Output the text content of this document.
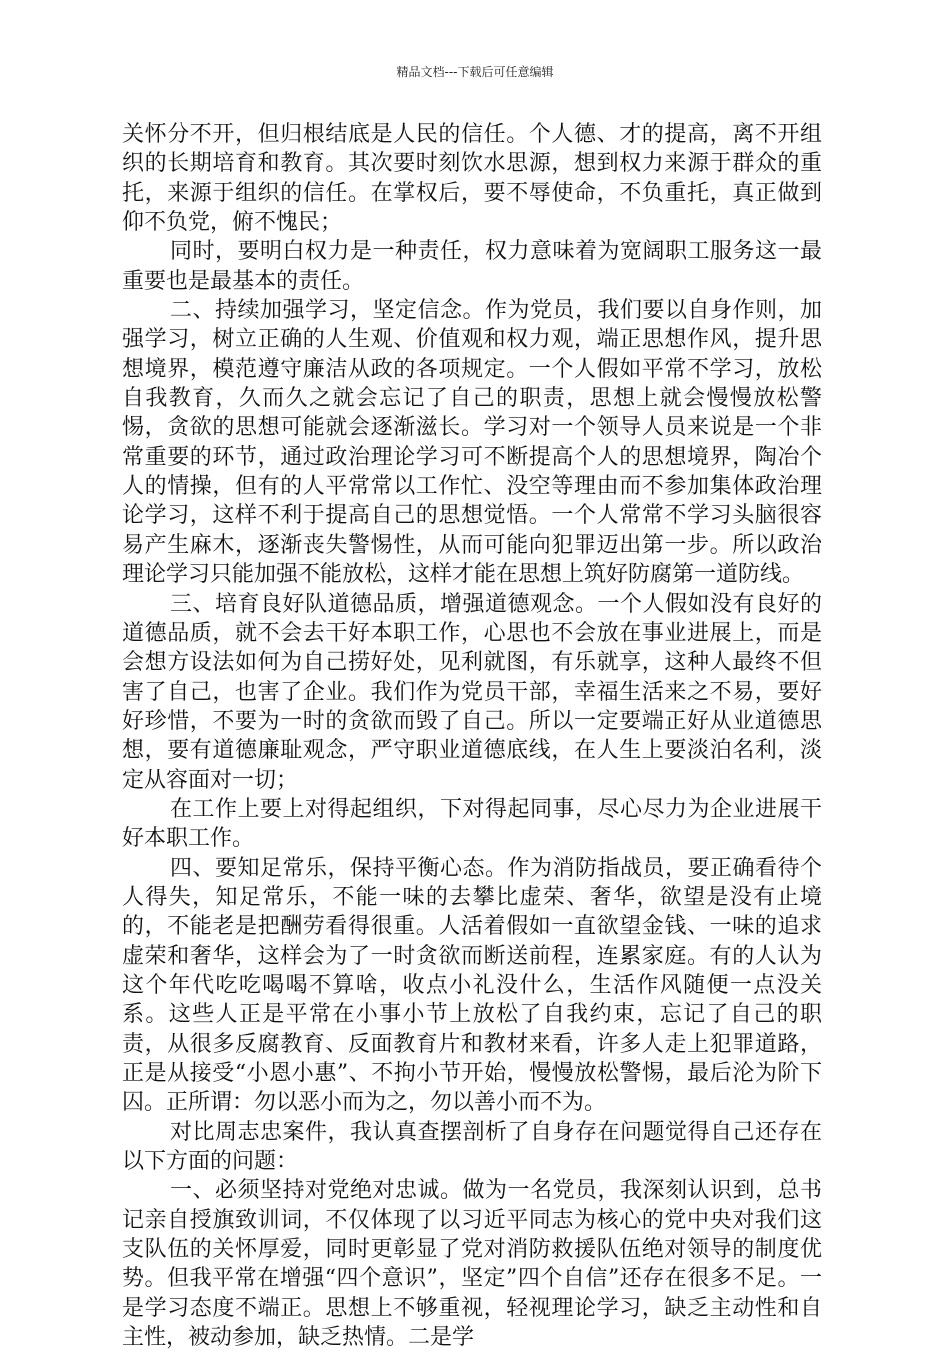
精品文档---下载后可任意编辑

关怀分不开，但归根结底是人民的信任。个人德、才的提高，离不开组织的长期培育和教育。其次要时刻饮水思源，想到权力来源于群众的重托，来源于组织的信任。在掌权后，要不辱使命，不负重托，真正做到仰不负党，俯不愧民；

同时，要明白权力是一种责任，权力意味着为宽阔职工服务这一最重要也是最基本的责任。

二、持续加强学习，坚定信念。作为党员，我们要以自身作则，加强学习，树立正确的人生观、价值观和权力观，端正思想作风，提升思想境界，模范遵守廉洁从政的各项规定。一个人假如平常不学习，放松自我教育，久而久之就会忘记了自己的职责，思想上就会慢慢放松警惕，贪欲的思想可能就会逐渐滋长。学习对一个领导人员来说是一个非常重要的环节，通过政治理论学习可不断提高个人的思想境界，陶冶个人的情操，但有的人平常常以工作忙、没空等理由而不参加集体政治理论学习，这样不利于提高自己的思想觉悟。一个人常常不学习头脑很容易产生麻木，逐渐丧失警惕性，从而可能向犯罪迈出第一步。所以政治理论学习只能加强不能放松，这样才能在思想上筑好防腐第一道防线。

三、培育良好队道德品质，增强道德观念。一个人假如没有良好的道德品质，就不会去干好本职工作，心思也不会放在事业进展上，而是会想方设法如何为自己捞好处，见利就图，有乐就享，这种人最终不但害了自己，也害了企业。我们作为党员干部，幸福生活来之不易，要好好珍惜，不要为一时的贪欲而毁了自己。所以一定要端正好从业道德思想，要有道德廉耻观念，严守职业道德底线，在人生上要淡泊名利，淡定从容面对一切；

在工作上要上对得起组织，下对得起同事，尽心尽力为企业进展干好本职工作。

四、要知足常乐，保持平衡心态。作为消防指战员，要正确看待个人得失，知足常乐，不能一味的去攀比虚荣、奢华，欲望是没有止境的，不能老是把酬劳看得很重。人活着假如一直欲望金钱、一味的追求虚荣和奢华，这样会为了一时贪欲而断送前程，连累家庭。有的人认为这个年代吃吃喝喝不算啥，收点小礼没什么，生活作风随便一点没关系。这些人正是平常在小事小节上放松了自我约束，忘记了自己的职责，从很多反腐教育、反面教育片和教材来看，许多人走上犯罪道路，正是从接受“小恩小惠”、不拘小节开始，慢慢放松警惕，最后沦为阶下囚。正所谓：勿以恶小而为之，勿以善小而不为。

对比周志忠案件，我认真查摆剖析了自身存在问题觉得自己还存在以下方面的问题：

一、必须坚持对党绝对忠诚。做为一名党员，我深刻认识到，总书记亲自授旗致训词，不仅体现了以习近平同志为核心的党中央对我们这支队伍的关怀厚爱，同时更彰显了党对消防救援队伍绝对领导的制度优势。但我平常在增强“四个意识”，坚定”四个自信”还存在很多不足。一是学习态度不端正。思想上不够重视，轻视理论学习，缺乏主动性和自主性，被动参加，缺乏热情。二是学
